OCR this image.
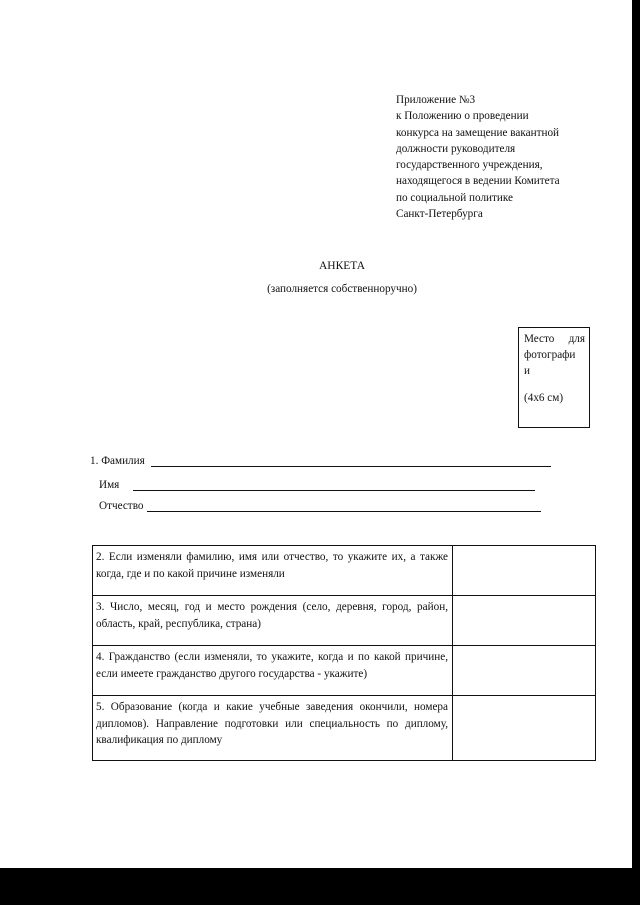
Приложение №3
к Положению о проведении
конкурса на замещение вакантной
должности руководителя
государственного учреждения,
находящегося в ведении Комитета
по социальной политике
Санкт-Петербурга
АНКЕТА
(заполняется собственноручно)
Место для
фотографи
и
(4х6 см)
1. Фамилия
Имя
Отчество
2. Если изменяли фамилию, имя или отчество, то укажите их, а также когда, где и по какой причине изменяли	
3. Число, месяц, год и место рождения (село, деревня, город, район, область, край, республика, страна)	
4. Гражданство (если изменяли, то укажите, когда и по какой причине, если имеете гражданство другого государства - укажите)	
5. Образование (когда и какие учебные заведения окончили, номера дипломов). Направление подготовки или специальность по диплому, квалификация по диплому	
